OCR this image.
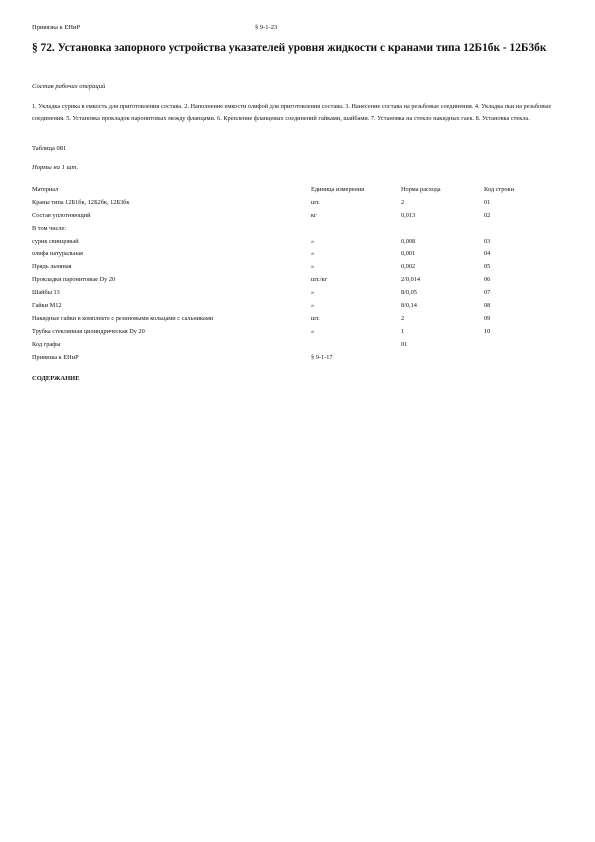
Привязка к ЕНиР	§ 9-1-23
§ 72. Установка запорного устройства указателей уровня жидкости с кранами типа 12Б1бк - 12Б3бк
Состав рабочих операций

1. Укладка сурика в емкость для приготовления состава. 2. Наполнение емкости олифой для приготовления состава. 3. Нанесение состава на резьбовые соединения. 4. Укладка пьи на резьбовые соединения. 5. Установка прокладок паронитовых между фланцами. 6. Крепление фланцевых соединений гайками, шайбами. 7. Установка на стекло накидных гаек. 8. Установка стекла.

Таблица 081
Нормы на 1 шт.
Материал	Единица измерения	Норма расхода	Код строки
Краны типа 12Б1бк, 12Б2бк, 12Б3бк	шт.	2	01
Состав уплотняющий	кг	0,013	02
В том числе:			
сурик свинцовый	»	0,008	03
олифа натуральная	»	0,001	04
Прядь льняная	»	0,002	05
Прокладки паронитовые Dy 20	шт./кг	2/0,014	06
Шайбы 13	»	8/0,05	07
Гайки М12	»	8/0,14	08
Накидные гайки в комплекте с резиновыми кольцами с сальниками	шт.	2	09
Трубка стеклянная цилиндрическая Dy 20	»	1	10
Код графы		01	
Привязка к ЕНиР	§ 9-1-17		
СОДЕРЖАНИЕ
